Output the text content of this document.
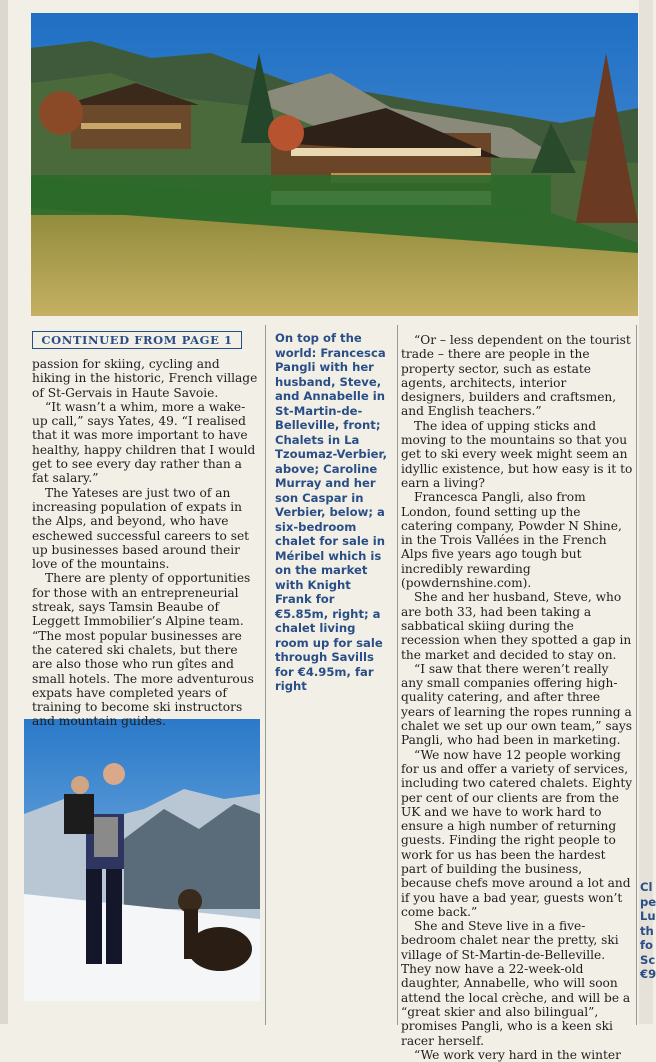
CONTINUED FROM PAGE 1

passion for skiing, cycling and hiking in the historic, French village of St-Gervais in Haute Savoie.

“It wasn’t a whim, more a wake-up call,” says Yates, 49. “I realised that it was more important to have healthy, happy children that I would get to see every day rather than a fat salary.”

The Yateses are just two of an increasing population of expats in the Alps, and beyond, who have eschewed successful careers to set up businesses based around their love of the mountains.

There are plenty of opportunities for those with an entrepreneurial streak, says Tamsin Beaube of Leggett Immobilier’s Alpine team. “The most popular businesses are the catered ski chalets, but there are also those who run gîtes and small hotels. The more adventurous expats have completed years of training to become ski instructors and mountain guides.

On top of the world: Francesca Pangli with her husband, Steve, and Annabelle in St-Martin-de-Belleville, front; Chalets in La Tzoumaz-Verbier, above; Caroline Murray and her son Caspar in Verbier, below; a six-bedroom chalet for sale in Méribel which is on the market with Knight Frank for €5.85m, right; a chalet living room up for sale through Savills for €4.95m, far right

“Or – less dependent on the tourist trade – there are people in the property sector, such as estate agents, architects, interior designers, builders and craftsmen, and English teachers.”

The idea of upping sticks and moving to the mountains so that you get to ski every week might seem an idyllic existence, but how easy is it to earn a living?

Francesca Pangli, also from London, found setting up the catering company, Powder N Shine, in the Trois Vallées in the French Alps five years ago tough but incredibly rewarding (powdernshine.com).

She and her husband, Steve, who are both 33, had been taking a sabbatical skiing during the recession when they spotted a gap in the market and decided to stay on.

“I saw that there weren’t really any small companies offering high-quality catering, and after three years of learning the ropes running a chalet we set up our own team,” says Pangli, who had been in marketing.

“We now have 12 people working for us and offer a variety of services, including two catered chalets. Eighty per cent of our clients are from the UK and we have to work hard to ensure a high number of returning guests. Finding the right people to work for us has been the hardest part of building the business, because chefs move around a lot and if you have a bad year, guests won’t come back.”

She and Steve live in a five-bedroom chalet near the pretty, ski village of St-Martin-de-Belleville. They now have a 22-week-old daughter, Annabelle, who will soon attend the local crèche, and will be a “great skier and also bilingual”, promises Pangli, who is a keen ski racer herself.

“We work very hard in the winter

Cl
pe
Lu
th
fo
Sc
€9
